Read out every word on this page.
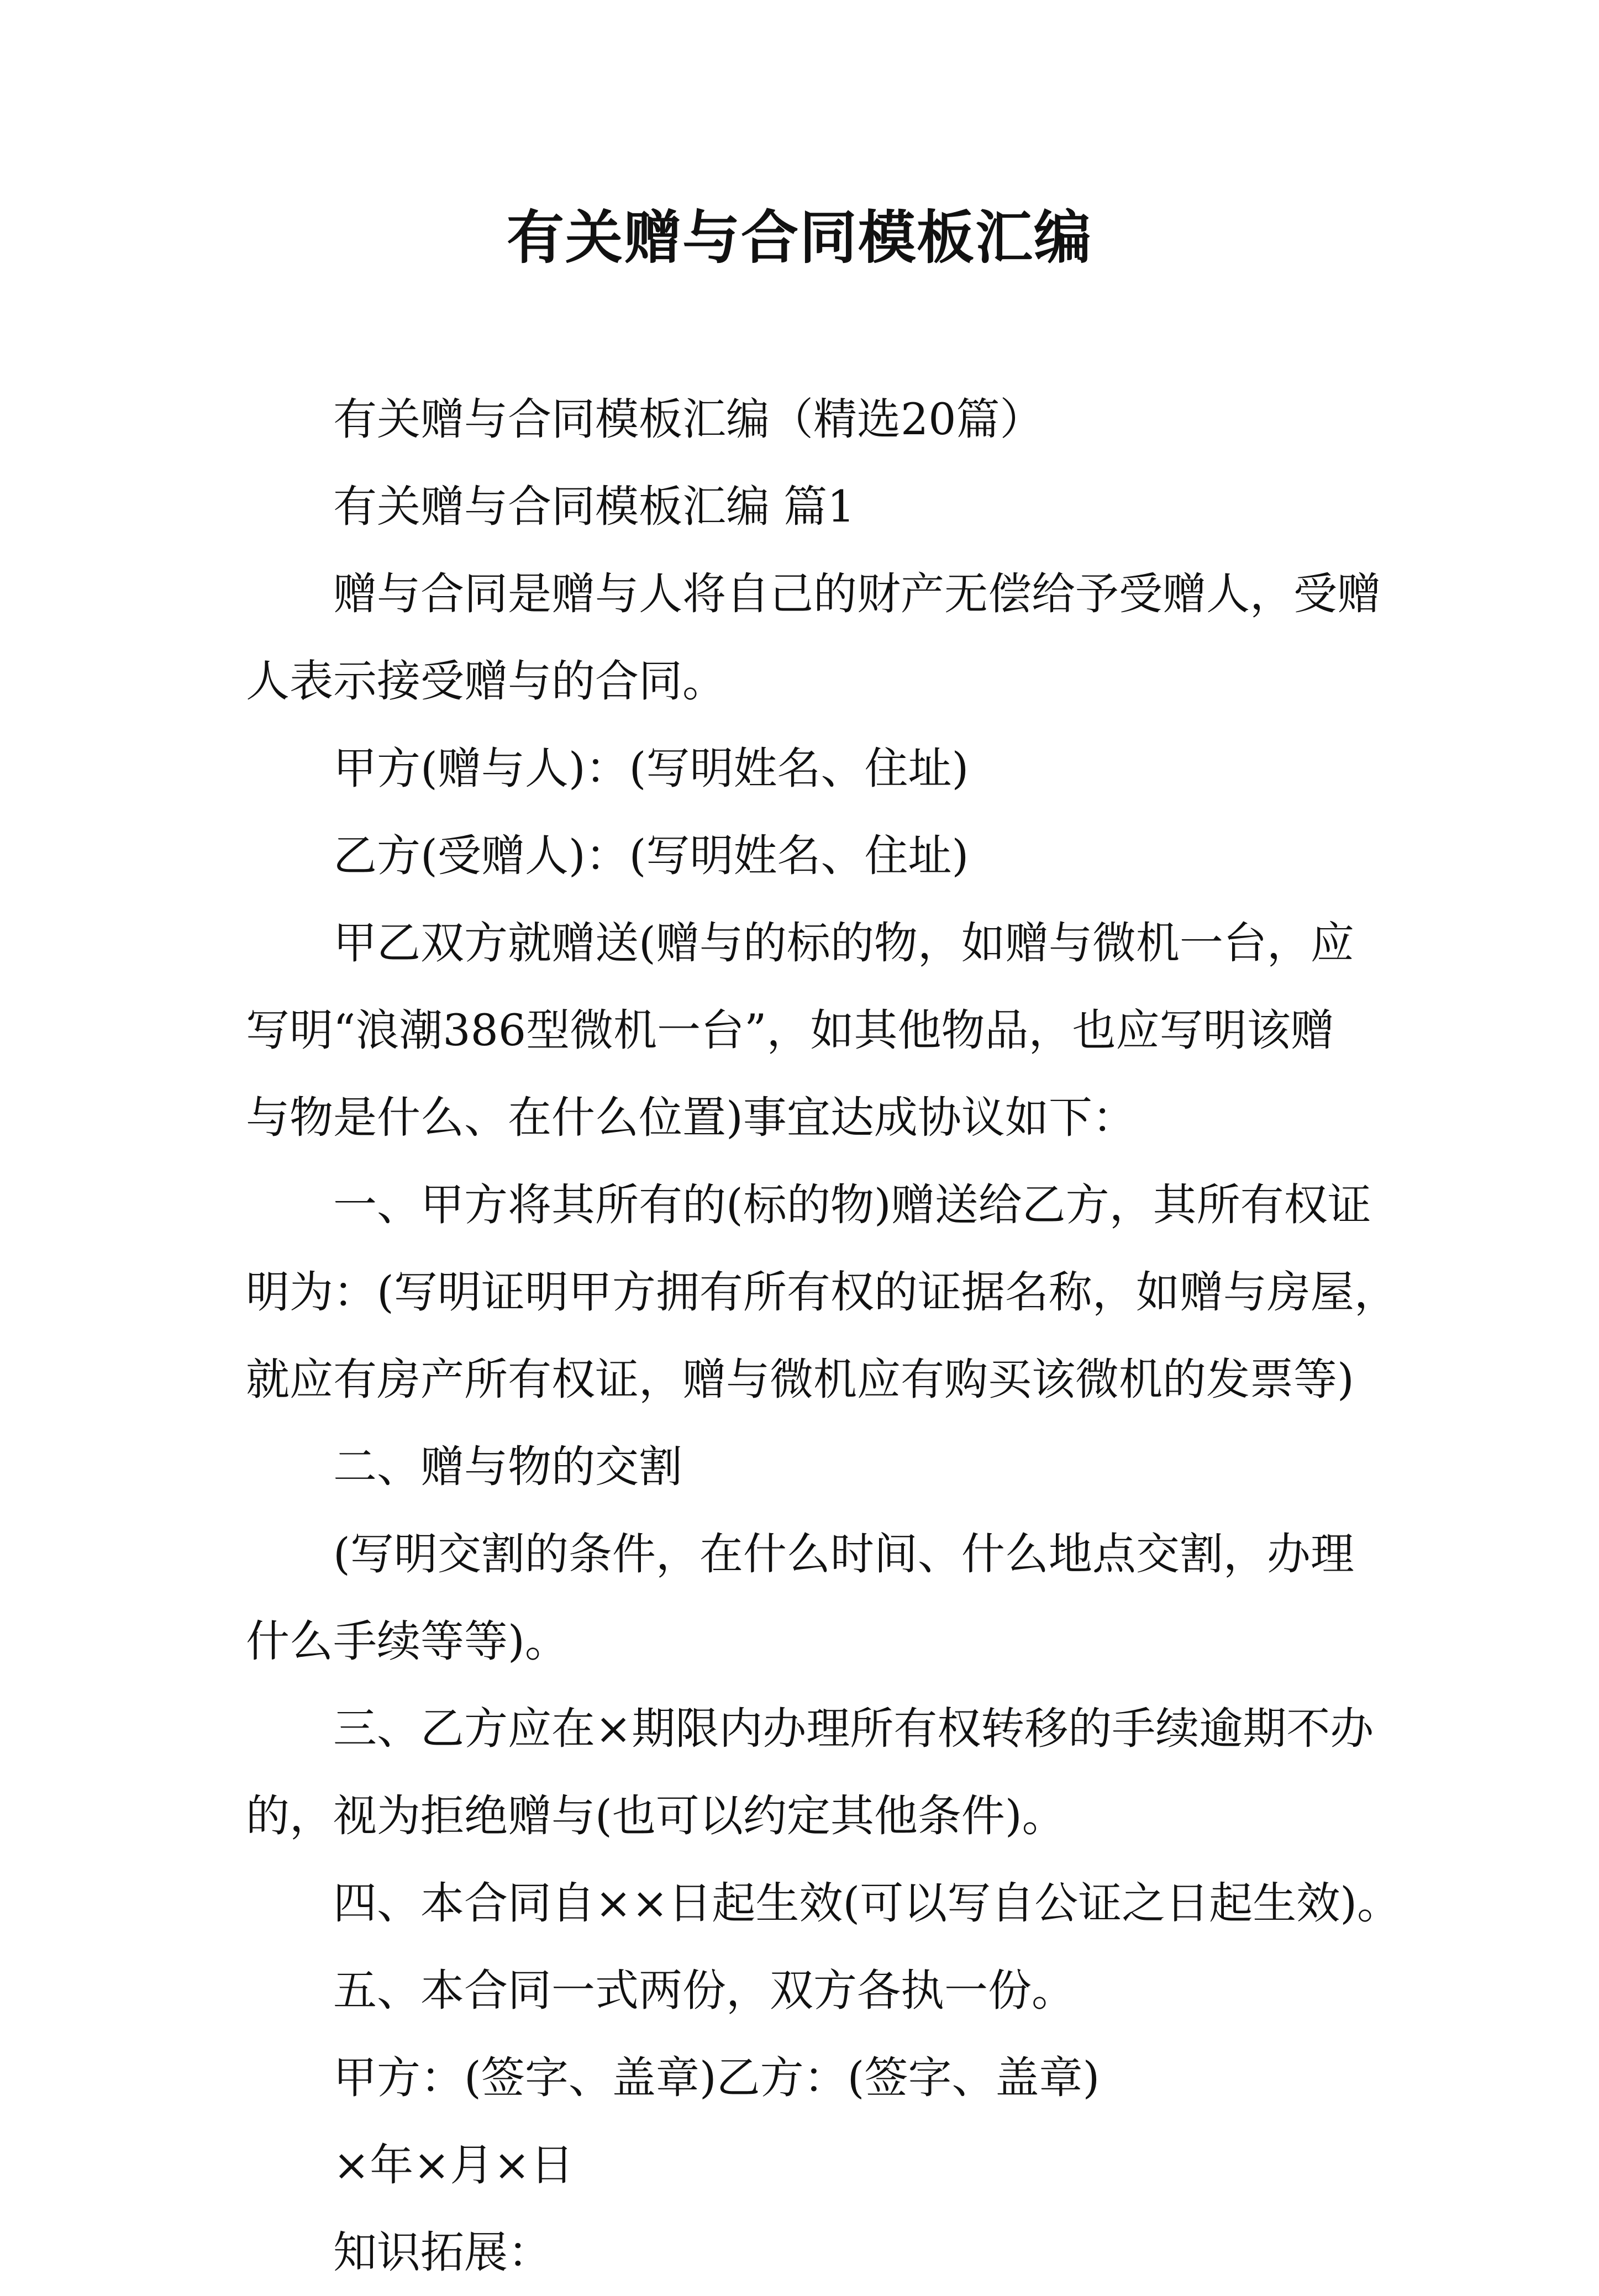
有关赠与合同模板汇编
有关赠与合同模板汇编（精选20篇）
有关赠与合同模板汇编 篇1
赠与合同是赠与人将自己的财产无偿给予受赠人，受赠
人表示接受赠与的合同。
甲方(赠与人)：(写明姓名、住址)
乙方(受赠人)：(写明姓名、住址)
甲乙双方就赠送(赠与的标的物，如赠与微机一台，应
写明“浪潮386型微机一台”，如其他物品，也应写明该赠
与物是什么、在什么位置)事宜达成协议如下：
一、甲方将其所有的(标的物)赠送给乙方，其所有权证
明为：(写明证明甲方拥有所有权的证据名称，如赠与房屋，
就应有房产所有权证，赠与微机应有购买该微机的发票等)
二、赠与物的交割
(写明交割的条件，在什么时间、什么地点交割，办理
什么手续等等)。
三、乙方应在×期限内办理所有权转移的手续逾期不办
的，视为拒绝赠与(也可以约定其他条件)。
四、本合同自××日起生效(可以写自公证之日起生效)。
五、本合同一式两份，双方各执一份。
甲方：(签字、盖章)乙方：(签字、盖章)
×年×月×日
知识拓展：
